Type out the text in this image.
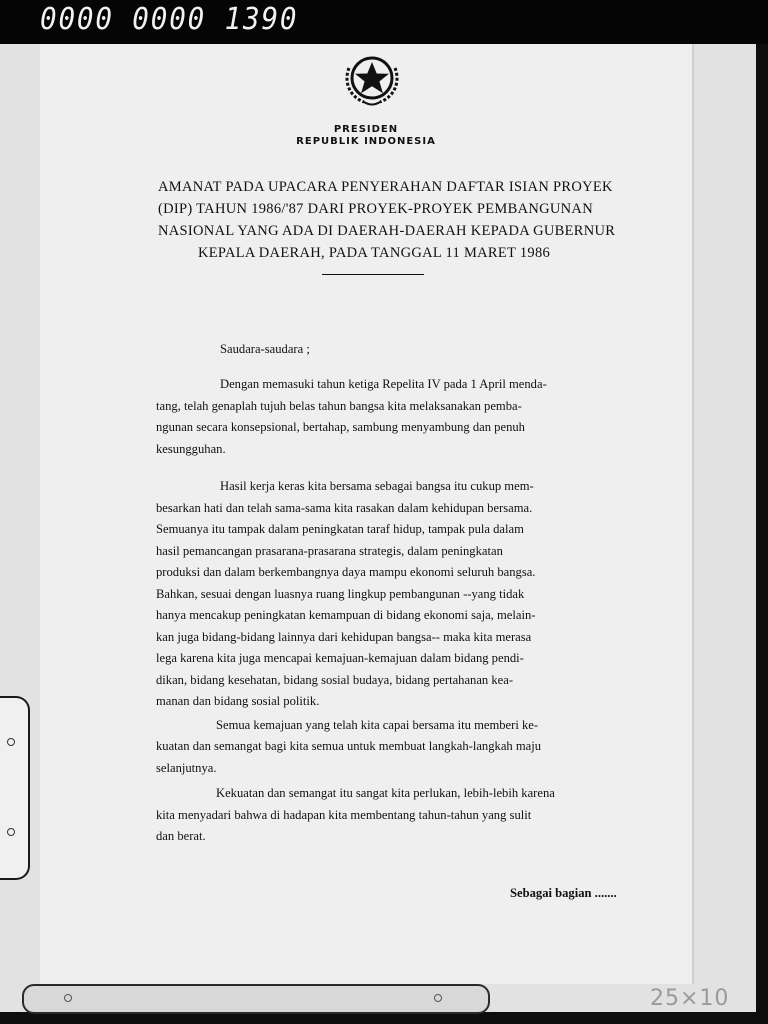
0000 0000 1390
PRESIDEN
REPUBLIK INDONESIA
AMANAT PADA UPACARA PENYERAHAN DAFTAR ISIAN PROYEK
(DIP) TAHUN 1986/'87 DARI PROYEK-PROYEK PEMBANGUNAN
NASIONAL YANG ADA DI DAERAH-DAERAH KEPADA GUBERNUR
KEPALA DAERAH, PADA TANGGAL 11 MARET 1986
Saudara-saudara ;
Dengan memasuki tahun ketiga Repelita IV pada 1 April menda-
tang, telah genaplah tujuh belas tahun bangsa kita melaksanakan pemba-
ngunan secara konsepsional, bertahap, sambung menyambung dan penuh
kesungguhan.
Hasil kerja keras kita bersama sebagai bangsa itu cukup mem-
besarkan hati dan telah sama-sama kita rasakan dalam kehidupan bersama.
Semuanya itu tampak dalam peningkatan taraf hidup, tampak pula dalam
hasil pemancangan prasarana-prasarana strategis, dalam peningkatan
produksi dan dalam berkembangnya daya mampu ekonomi seluruh bangsa.
Bahkan, sesuai dengan luasnya ruang lingkup pembangunan --yang tidak
hanya mencakup peningkatan kemampuan di bidang ekonomi saja, melain-
kan juga bidang-bidang lainnya dari kehidupan bangsa-- maka kita merasa
lega karena kita juga mencapai kemajuan-kemajuan dalam bidang pendi-
dikan, bidang kesehatan, bidang sosial budaya, bidang pertahanan kea-
manan dan bidang sosial politik.
Semua kemajuan yang telah kita capai bersama itu memberi ke-
kuatan dan semangat bagi kita semua untuk membuat langkah-langkah maju
selanjutnya.
Kekuatan dan semangat itu sangat kita perlukan, lebih-lebih karena
kita menyadari bahwa di hadapan kita membentang tahun-tahun yang sulit
dan berat.
Sebagai bagian .......
25×10
